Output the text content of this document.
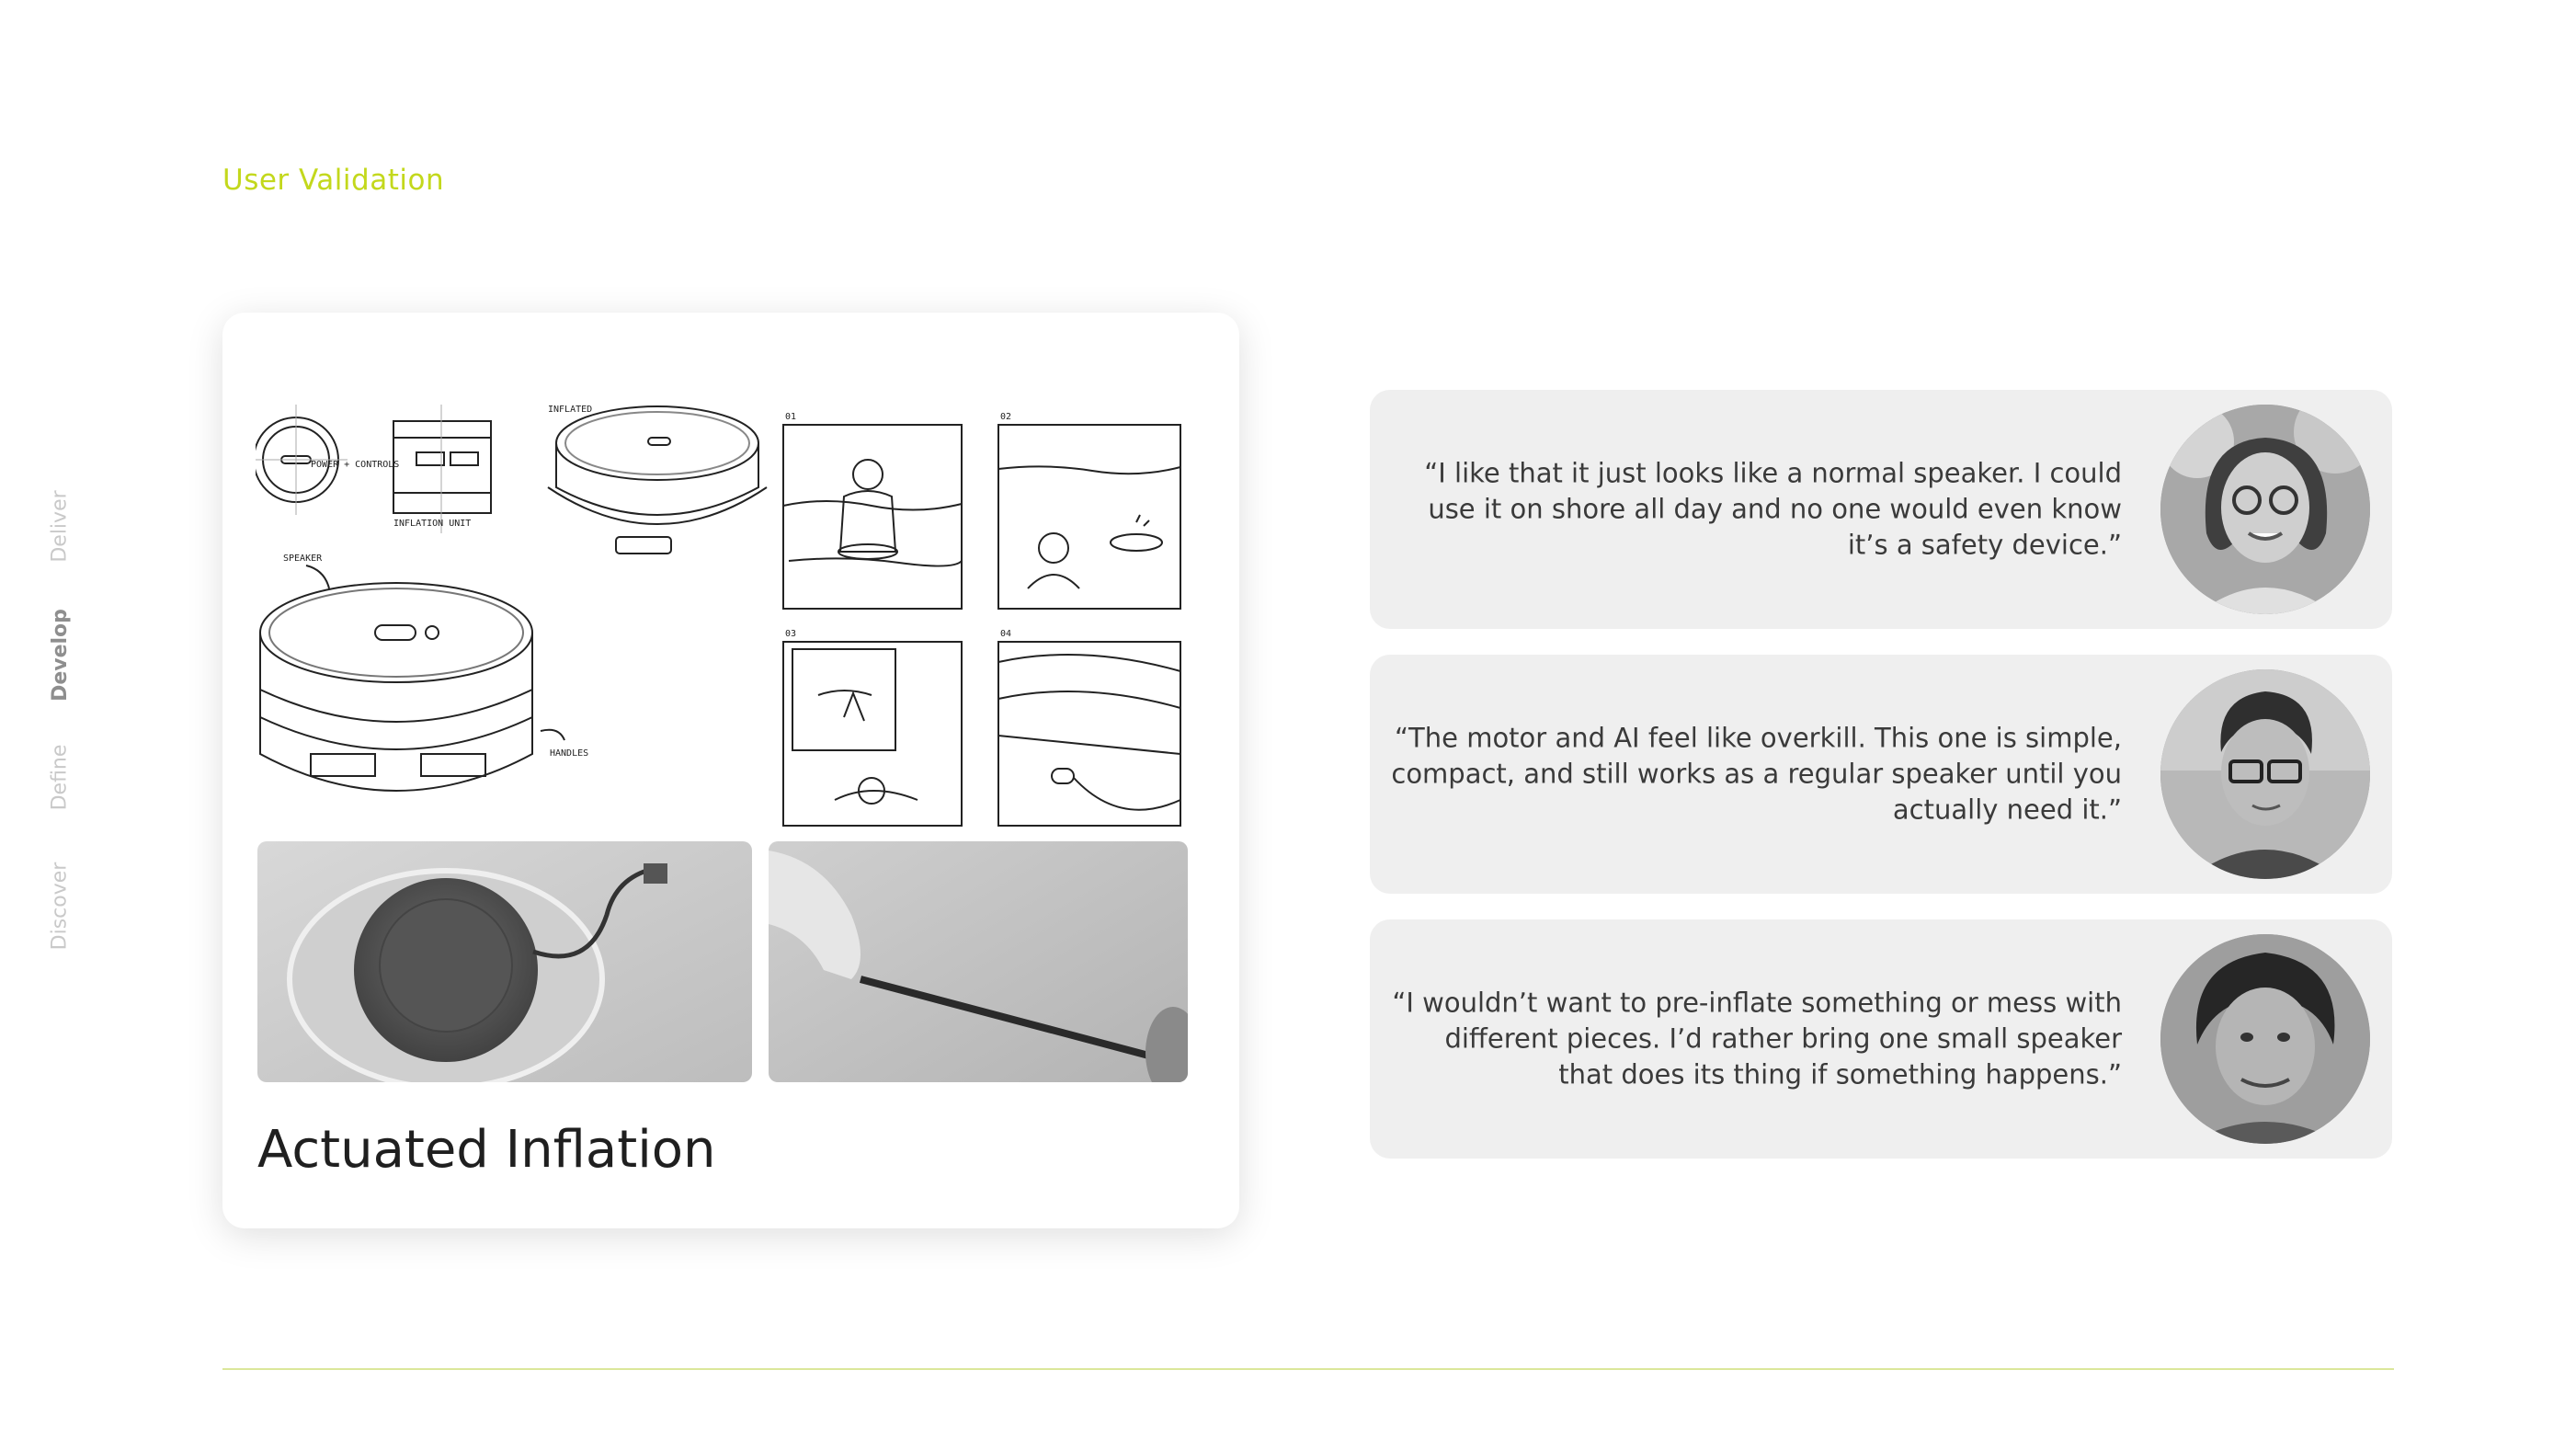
User Validation
Deliver
Develop
Define
Discover
POWER + CONTROLS
INFLATION UNIT
INFLATED
SPEAKER
HANDLES
01	02
03	04
Actuated Inflation
“I like that it just looks like a normal speaker. I could use it on shore all day and no one would even know it’s a safety device.”
“The motor and AI feel like overkill. This one is simple, compact, and still works as a regular speaker until you actually need it.”
“I wouldn’t want to pre-inflate something or mess with different pieces. I’d rather bring one small speaker that does its thing if something happens.”
